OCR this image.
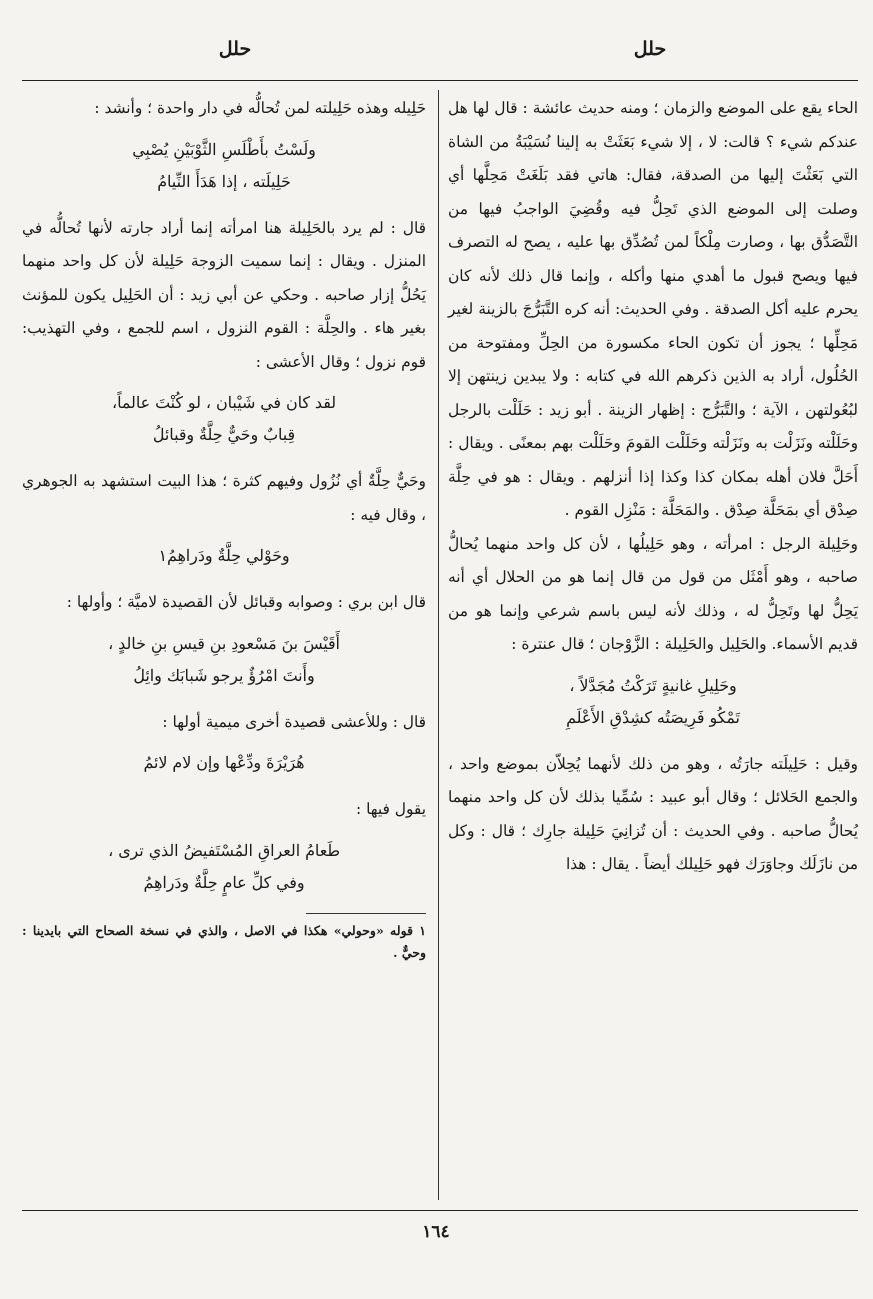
حلل
حلل

الحاء يقع على الموضع والزمان ؛ ومنه حديث عائشة : قال لها هل عندكم شيء ؟ قالت: لا ، إلا شيء بَعَثَتْ به إلينا نُسَيْبَةُ من الشاة التي بَعَثْتَ إليها من الصدقة، فقال: هاتي فقد بَلَغَتْ مَحِلَّها أي وصلت إلى الموضع الذي تَحِلُّ فيه وقُضِيَ الواجبُ فيها من التَّصَدُّق بها ، وصارت مِلْكاً لمن تُصُدِّق بها عليه ، يصح له التصرف فيها ويصح قبول ما أهدي منها وأكله ، وإنما قال ذلك لأنه كان يحرم عليه أكل الصدقة . وفي الحديث: أنه كره التَّبَرُّجَ بالزينة لغير مَحِلِّها ؛ يجوز أن تكون الحاء مكسورة من الحِلِّ ومفتوحة من الحُلُول، أراد به الذين ذكرهم الله في كتابه : ولا يبدين زينتهن إلا لبُعُولتهن ، الآية ؛ والتَّبَرُّج : إظهار الزينة . أبو زيد : حَلَلْت بالرجل وحَلَلْته ونَزَلْت به ونَزَلْته وحَلَلْت القومَ وحَلَلْت بهم بمعنًى . ويقال : أَحَلَّ فلان أهله بمكان كذا وكذا إذا أنزلهم . ويقال : هو في حِلَّة صِدْق أي بمَحَلَّة صِدْق . والمَحَلَّة : مَنْزِل القوم .

وحَلِيلة الرجل : امرأته ، وهو حَلِيلُها ، لأن كل واحد منهما يُحالُّ صاحبه ، وهو أَمْثَل من قول من قال إنما هو من الحلال أي أنه يَحِلُّ لها وتَحِلُّ له ، وذلك لأنه ليس باسم شرعي وإنما هو من قديم الأسماء. والحَلِيل والحَلِيلة : الزَّوْجان ؛ قال عنترة :

وحَلِيلِ غانيةٍ تَرَكْتُ مُجَدَّلاً ،
تَمْكُو فَرِيصَتُه كشِدْقِ الأَعْلَمِ

وقيل : حَلِيلَته جارَتُه ، وهو من ذلك لأنهما يُحِلاّن بموضع واحد ، والجمع الحَلائل ؛ وقال أبو عبيد : سُمِّيا بذلك لأن كل واحد منهما يُحالُّ صاحبه . وفي الحديث : أن تُزانِيَ حَلِيلة جارِك ؛ قال : وكل من نازَلَك وجاوَرَك فهو حَلِيلك أيضاً . يقال : هذا

حَلِيله وهذه حَلِيلته لمن تُحالُّه في دار واحدة ؛ وأنشد :

ولَسْتُ بأَطْلَسِ الثَّوْبَيْنِ يُصْبِي
حَلِيلَته ، إذا هَدَأَ النِّيامُ

قال : لم يرد بالحَلِيلة هنا امرأته إنما أراد جارته لأنها تُحالُّه في المنزل . ويقال : إنما سميت الزوجة حَلِيلة لأن كل واحد منهما يَحُلُّ إزار صاحبه . وحكي عن أبي زيد : أن الحَلِيل يكون للمؤنث بغير هاء . والحِلَّة : القوم النزول ، اسم للجمع ، وفي التهذيب: قوم نزول ؛ وقال الأعشى :

لقد كان في شَيْبان ، لو كُنْتَ عالماً،
قِبابٌ وحَيٌّ حِلَّةٌ وقبائلُ

وحَيٌّ حِلَّةٌ أي نُزُول وفيهم كثرة ؛ هذا البيت استشهد به الجوهري ، وقال فيه :

وحَوْلي حِلَّةٌ ودَراهِمُ١

قال ابن بري : وصوابه وقبائل لأن القصيدة لاميَّة ؛ وأولها :

أَقَيْسَ بنَ مَسْعودِ بنِ قيسِ بنِ خالدٍ ،
وأَنتَ امْرُؤٌ يرجو شَبابَك وائِلُ

قال : وللأعشى قصيدة أخرى ميمية أولها :

هُرَيْرَةَ ودِّعْها وإن لام لائمُ

يقول فيها :

طَعامُ العراقِ المُسْتَفيضُ الذي ترى ،
وفي كلِّ عامٍ حِلَّةٌ ودَراهِمُ
١ قوله «وحولي» هكذا في الاصل ، والذي في نسخة الصحاح التي بايدينا : وحيٌّ .
١٦٤
